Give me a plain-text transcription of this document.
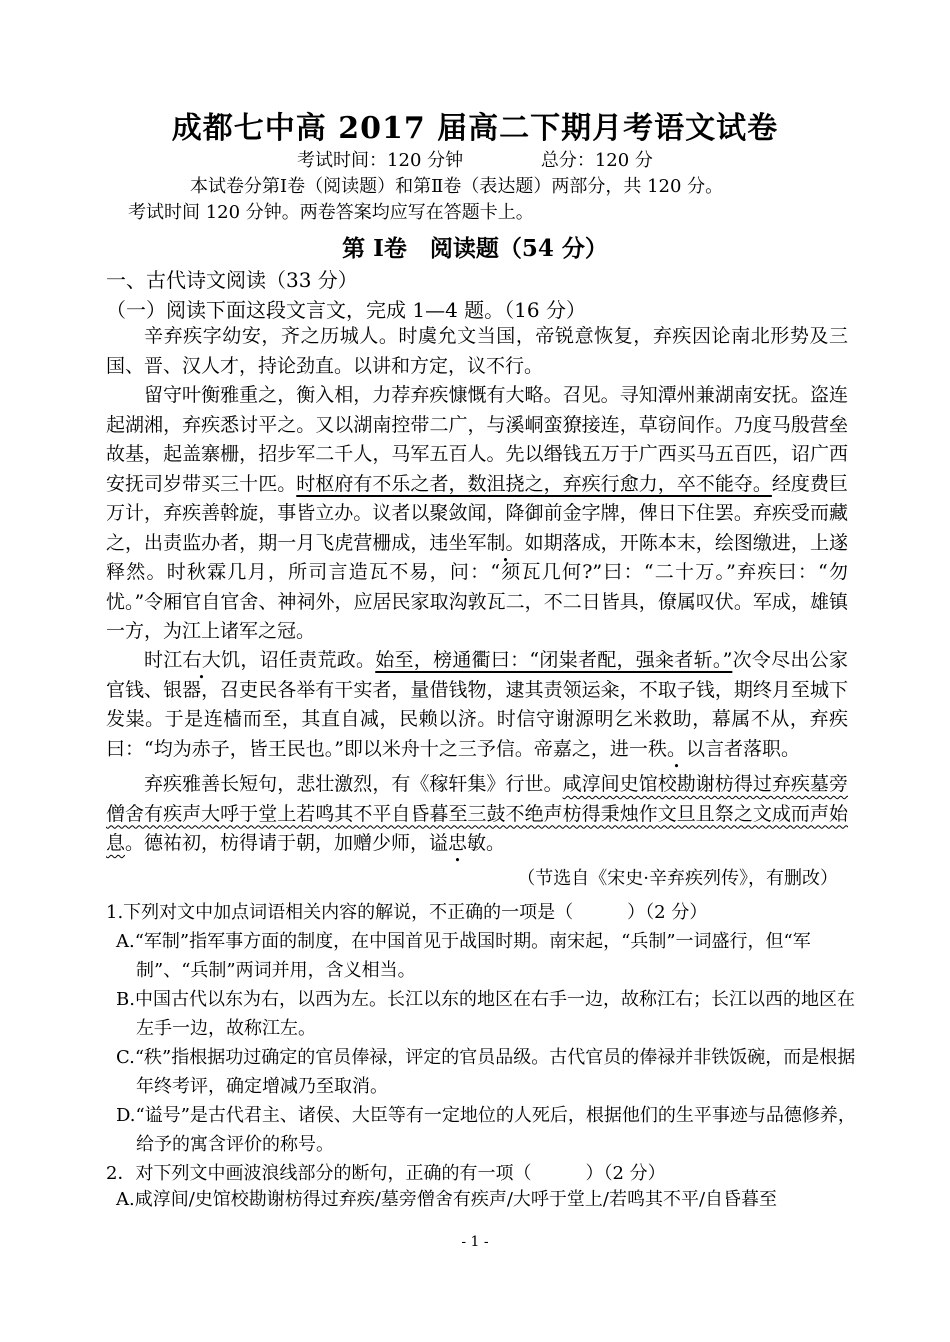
成都七中高 2017 届高二下期月考语文试卷
考试时间：120 分钟	总分：120 分
本试卷分第Ⅰ卷（阅读题）和第Ⅱ卷（表达题）两部分，共 120 分。
考试时间 120 分钟。两卷答案均应写在答题卡上。
第 Ⅰ卷　阅读题（54 分）
一、古代诗文阅读（33 分）
（一）阅读下面这段文言文，完成 1—4 题。（16 分）

辛弃疾字幼安，齐之历城人。时虞允文当国，帝锐意恢复，弃疾因论南北形势及三国、晋、汉人才，持论劲直。以讲和方定，议不行。

留守叶衡雅重之，衡入相，力荐弃疾慷慨有大略。召见。寻知潭州兼湖南安抚。盗连起湖湘，弃疾悉讨平之。又以湖南控带二广，与溪峒蛮獠接连，草窃间作。乃度马殷营垒故基，起盖寨栅，招步军二千人，马军五百人。先以缗钱五万于广西买马五百匹，诏广西安抚司岁带买三十匹。时枢府有不乐之者，数沮挠之，弃疾行愈力，卒不能夺。经度费巨万计，弃疾善斡旋，事皆立办。议者以聚敛闻，降御前金字牌，俾日下住罢。弃疾受而藏之，出责监办者，期一月飞虎营栅成，违坐军制。如期落成，开陈本末，绘图缴进，上遂释然。时秋霖几月，所司言造瓦不易，问：“须瓦几何?”曰：“二十万。”弃疾曰：“勿忧。”令厢官自官舍、神祠外，应居民家取沟敦瓦二，不二日皆具，僚属叹伏。军成，雄镇一方，为江上诸军之冠。

时江右大饥，诏任责荒政。始至，榜通衢曰：“闭粜者配，强籴者斩。”次令尽出公家官钱、银器，召吏民各举有干实者，量借钱物，逮其责领运籴，不取子钱，期终月至城下发粜。于是连樯而至，其直自减，民赖以济。时信守谢源明乞米救助，幕属不从，弃疾曰：“均为赤子，皆王民也。”即以米舟十之三予信。帝嘉之，进一秩。以言者落职。

弃疾雅善长短句，悲壮激烈，有《稼轩集》行世。咸淳间史馆校勘谢枋得过弃疾墓旁僧舍有疾声大呼于堂上若鸣其不平自昏暮至三鼓不绝声枋得秉烛作文旦且祭之文成而声始息。德祐初，枋得请于朝，加赠少师，谥忠敏。

（节选自《宋史·辛弃疾列传》，有删改）
1.下列对文中加点词语相关内容的解说，不正确的一项是（　　　）（2 分）

A.“军制”指军事方面的制度，在中国首见于战国时期。南宋起，“兵制”一词盛行，但“军制”、“兵制”两词并用，含义相当。

B.中国古代以东为右，以西为左。长江以东的地区在右手一边，故称江右；长江以西的地区在左手一边，故称江左。

C.“秩”指根据功过确定的官员俸禄，评定的官员品级。古代官员的俸禄并非铁饭碗，而是根据年终考评，确定增减乃至取消。

D.“谥号”是古代君主、诸侯、大臣等有一定地位的人死后，根据他们的生平事迹与品德修养，给予的寓含评价的称号。

2．对下列文中画波浪线部分的断句，正确的有一项（　　　）（2 分）

A.咸淳间/史馆校勘谢枋得过弃疾/墓旁僧舍有疾声/大呼于堂上/若鸣其不平/自昏暮至

- 1 -
